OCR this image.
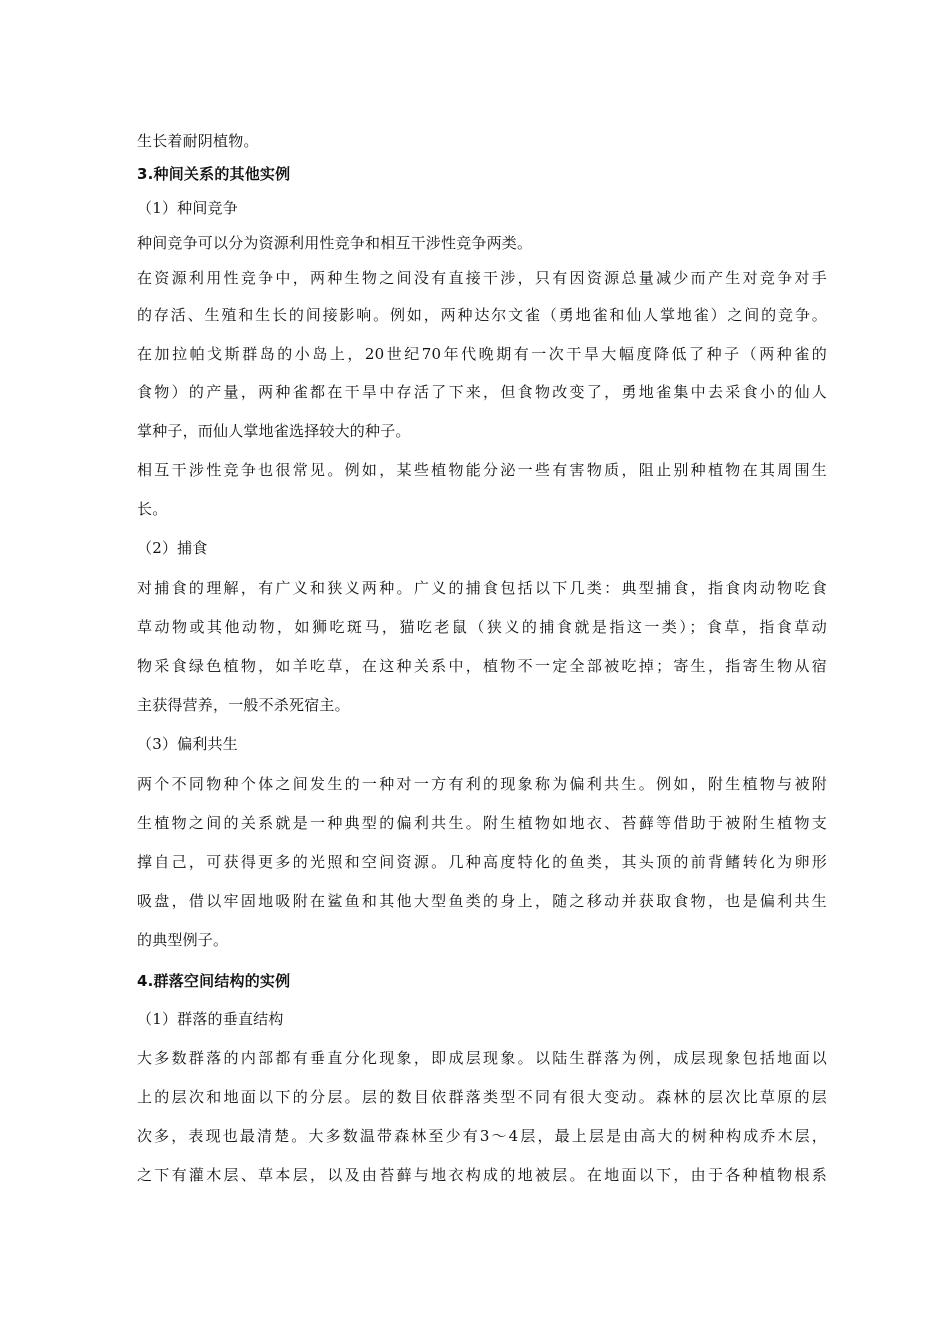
生长着耐阴植物。
3.种间关系的其他实例
（1）种间竞争
种间竞争可以分为资源利用性竞争和相互干涉性竞争两类。
在资源利用性竞争中，两种生物之间没有直接干涉，只有因资源总量减少而产生对竞争对手
的存活、生殖和生长的间接影响。例如，两种达尔文雀（勇地雀和仙人掌地雀）之间的竞争。
在加拉帕戈斯群岛的小岛上，20世纪70年代晚期有一次干旱大幅度降低了种子（两种雀的
食物）的产量，两种雀都在干旱中存活了下来，但食物改变了，勇地雀集中去采食小的仙人
掌种子，而仙人掌地雀选择较大的种子。
相互干涉性竞争也很常见。例如，某些植物能分泌一些有害物质，阻止别种植物在其周围生
长。
（2）捕食
对捕食的理解，有广义和狭义两种。广义的捕食包括以下几类：典型捕食，指食肉动物吃食
草动物或其他动物，如狮吃斑马，猫吃老鼠（狭义的捕食就是指这一类）；食草，指食草动
物采食绿色植物，如羊吃草，在这种关系中，植物不一定全部被吃掉；寄生，指寄生物从宿
主获得营养，一般不杀死宿主。
（3）偏利共生
两个不同物种个体之间发生的一种对一方有利的现象称为偏利共生。例如，附生植物与被附
生植物之间的关系就是一种典型的偏利共生。附生植物如地衣、苔藓等借助于被附生植物支
撑自己，可获得更多的光照和空间资源。几种高度特化的鱼类，其头顶的前背鳍转化为卵形
吸盘，借以牢固地吸附在鲨鱼和其他大型鱼类的身上，随之移动并获取食物，也是偏利共生
的典型例子。
4.群落空间结构的实例
（1）群落的垂直结构
大多数群落的内部都有垂直分化现象，即成层现象。以陆生群落为例，成层现象包括地面以
上的层次和地面以下的分层。层的数目依群落类型不同有很大变动。森林的层次比草原的层
次多，表现也最清楚。大多数温带森林至少有3～4层，最上层是由高大的树种构成乔木层，
之下有灌木层、草本层，以及由苔藓与地衣构成的地被层。在地面以下，由于各种植物根系
